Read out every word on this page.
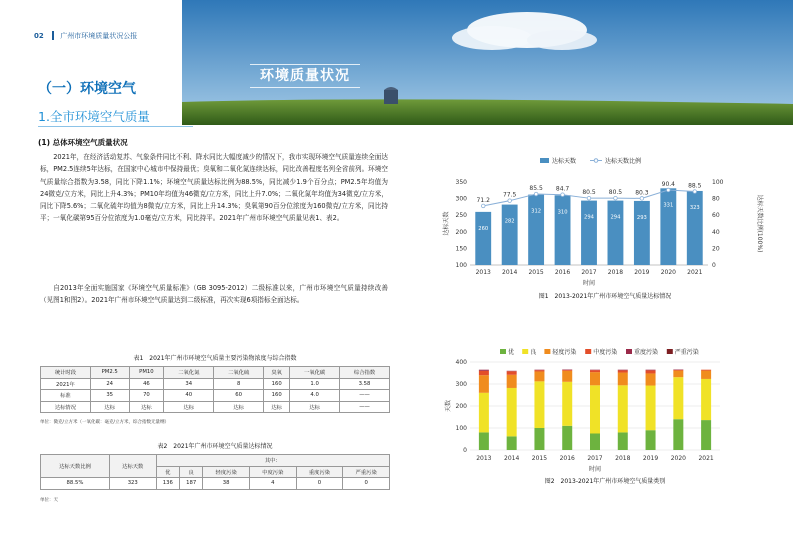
02 广州市环境质量状况公报
环境质量状况
（一）环境空气
1.全市环境空气质量
(1) 总体环境空气质量状况
2021年，在经济活动复苏、气象条件同比不利、降水同比大幅度减少的情况下，我市实现环境空气质量连续全面达标，PM2.5连续5年达标，在国家中心城市中保持最优；臭氧和二氧化氮连续达标，同比改善程度名列全省前列。环境空气质量综合指数为3.58，同比下降1.1%；环境空气质量达标比例为88.5%，同比减少1.9个百分点；PM2.5年均值为24微克/立方米，同比上升4.3%；PM10年均值为46微克/立方米，同比上升7.0%；二氧化氮年均值为34微克/立方米，同比下降5.6%；二氧化硫年均值为8微克/立方米，同比上升14.3%；臭氧第90百分位浓度为160微克/立方米，同比持平；一氧化碳第95百分位浓度为1.0毫克/立方米，同比持平。2021年广州市环境空气质量见表1、表2。
自2013年全面实施国家《环境空气质量标准》（GB 3095-2012）二级标准以来，广州市环境空气质量持续改善（见图1和图2）。2021年广州市环境空气质量达到二级标准，再次实现6项指标全面达标。
表1　2021年广州市环境空气质量主要污染物浓度与综合指数
统计时段	PM2.5	PM10	二氧化氮	二氧化硫	臭氧	一氧化碳	综合指数
2021年	24	46	34	8	160	1.0	3.58
标准	35	70	40	60	160	4.0	——
达标情况	达标	达标	达标	达标	达标	达标	——
单位：微克/立方米（一氧化碳：毫克/立方米，综合指数无量纲）
表2　2021年广州市环境空气质量达标情况
达标天数比例	达标天数	其中：					
		优	良	轻度污染	中度污染	重度污染	严重污染
88.5%	323	136	187	38	4	0	0
单位：天
达标天数	达标天数比例
100
150
200
250
300
350
0
20
40
60
80
100
达标天数	达标天数比例(100%)
时间
260
2013
282
2014
312
2015
310
2016
294
2017
294
2018
293
2019
331
2020
323
2021
71.2
77.5
85.5 84.7 80.5 80.5 80.3
90.4 88.5
图1　2013-2021年广州市环境空气质量达标情况
优	良	轻度污染	中度污染	重度污染	严重污染
0
100
200
300
400
天数
时间
2013 2014 2015 2016 2017 2018 2019 2020 2021
图2　2013-2021年广州市环境空气质量类别
